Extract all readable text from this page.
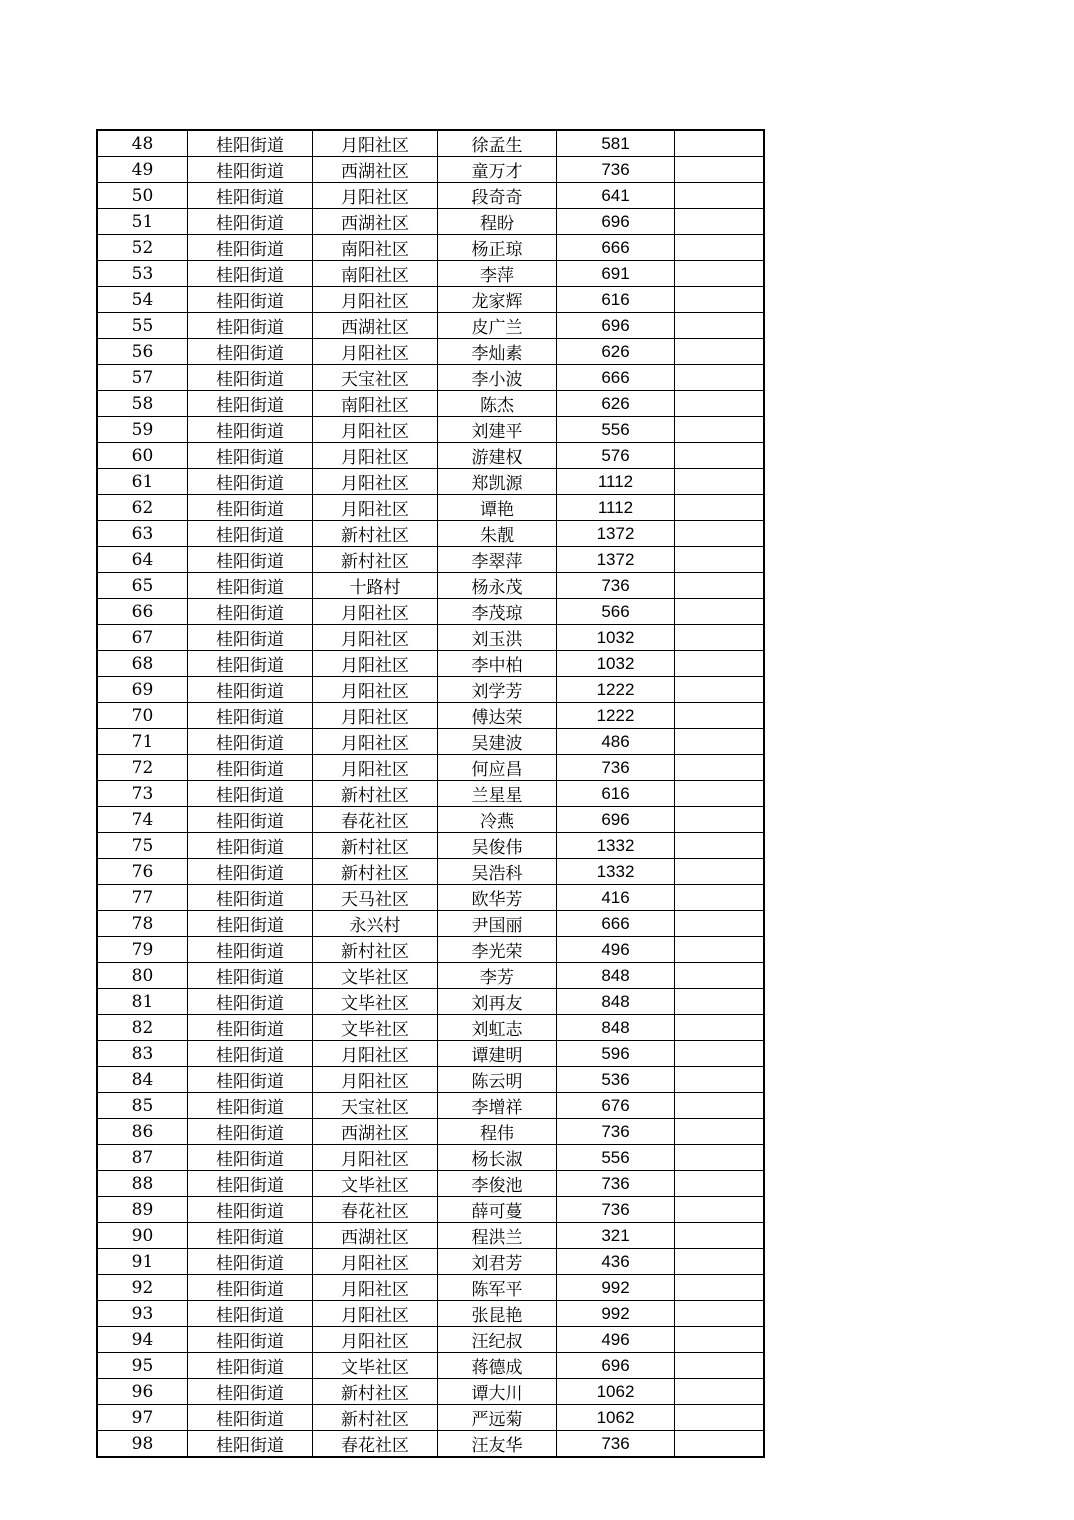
48	桂阳街道	月阳社区	徐孟生	581	
49	桂阳街道	西湖社区	童万才	736	
50	桂阳街道	月阳社区	段奇奇	641	
51	桂阳街道	西湖社区	程盼	696	
52	桂阳街道	南阳社区	杨正琼	666	
53	桂阳街道	南阳社区	李萍	691	
54	桂阳街道	月阳社区	龙家辉	616	
55	桂阳街道	西湖社区	皮广兰	696	
56	桂阳街道	月阳社区	李灿素	626	
57	桂阳街道	天宝社区	李小波	666	
58	桂阳街道	南阳社区	陈杰	626	
59	桂阳街道	月阳社区	刘建平	556	
60	桂阳街道	月阳社区	游建权	576	
61	桂阳街道	月阳社区	郑凯源	1112	
62	桂阳街道	月阳社区	谭艳	1112	
63	桂阳街道	新村社区	朱靓	1372	
64	桂阳街道	新村社区	李翠萍	1372	
65	桂阳街道	十路村	杨永茂	736	
66	桂阳街道	月阳社区	李茂琼	566	
67	桂阳街道	月阳社区	刘玉洪	1032	
68	桂阳街道	月阳社区	李中柏	1032	
69	桂阳街道	月阳社区	刘学芳	1222	
70	桂阳街道	月阳社区	傅达荣	1222	
71	桂阳街道	月阳社区	吴建波	486	
72	桂阳街道	月阳社区	何应昌	736	
73	桂阳街道	新村社区	兰星星	616	
74	桂阳街道	春花社区	冷燕	696	
75	桂阳街道	新村社区	吴俊伟	1332	
76	桂阳街道	新村社区	吴浩科	1332	
77	桂阳街道	天马社区	欧华芳	416	
78	桂阳街道	永兴村	尹国丽	666	
79	桂阳街道	新村社区	李光荣	496	
80	桂阳街道	文毕社区	李芳	848	
81	桂阳街道	文毕社区	刘再友	848	
82	桂阳街道	文毕社区	刘虹志	848	
83	桂阳街道	月阳社区	谭建明	596	
84	桂阳街道	月阳社区	陈云明	536	
85	桂阳街道	天宝社区	李增祥	676	
86	桂阳街道	西湖社区	程伟	736	
87	桂阳街道	月阳社区	杨长淑	556	
88	桂阳街道	文毕社区	李俊池	736	
89	桂阳街道	春花社区	薛可蔓	736	
90	桂阳街道	西湖社区	程洪兰	321	
91	桂阳街道	月阳社区	刘君芳	436	
92	桂阳街道	月阳社区	陈军平	992	
93	桂阳街道	月阳社区	张昆艳	992	
94	桂阳街道	月阳社区	汪纪叔	496	
95	桂阳街道	文毕社区	蒋德成	696	
96	桂阳街道	新村社区	谭大川	1062	
97	桂阳街道	新村社区	严远菊	1062	
98	桂阳街道	春花社区	汪友华	736	
